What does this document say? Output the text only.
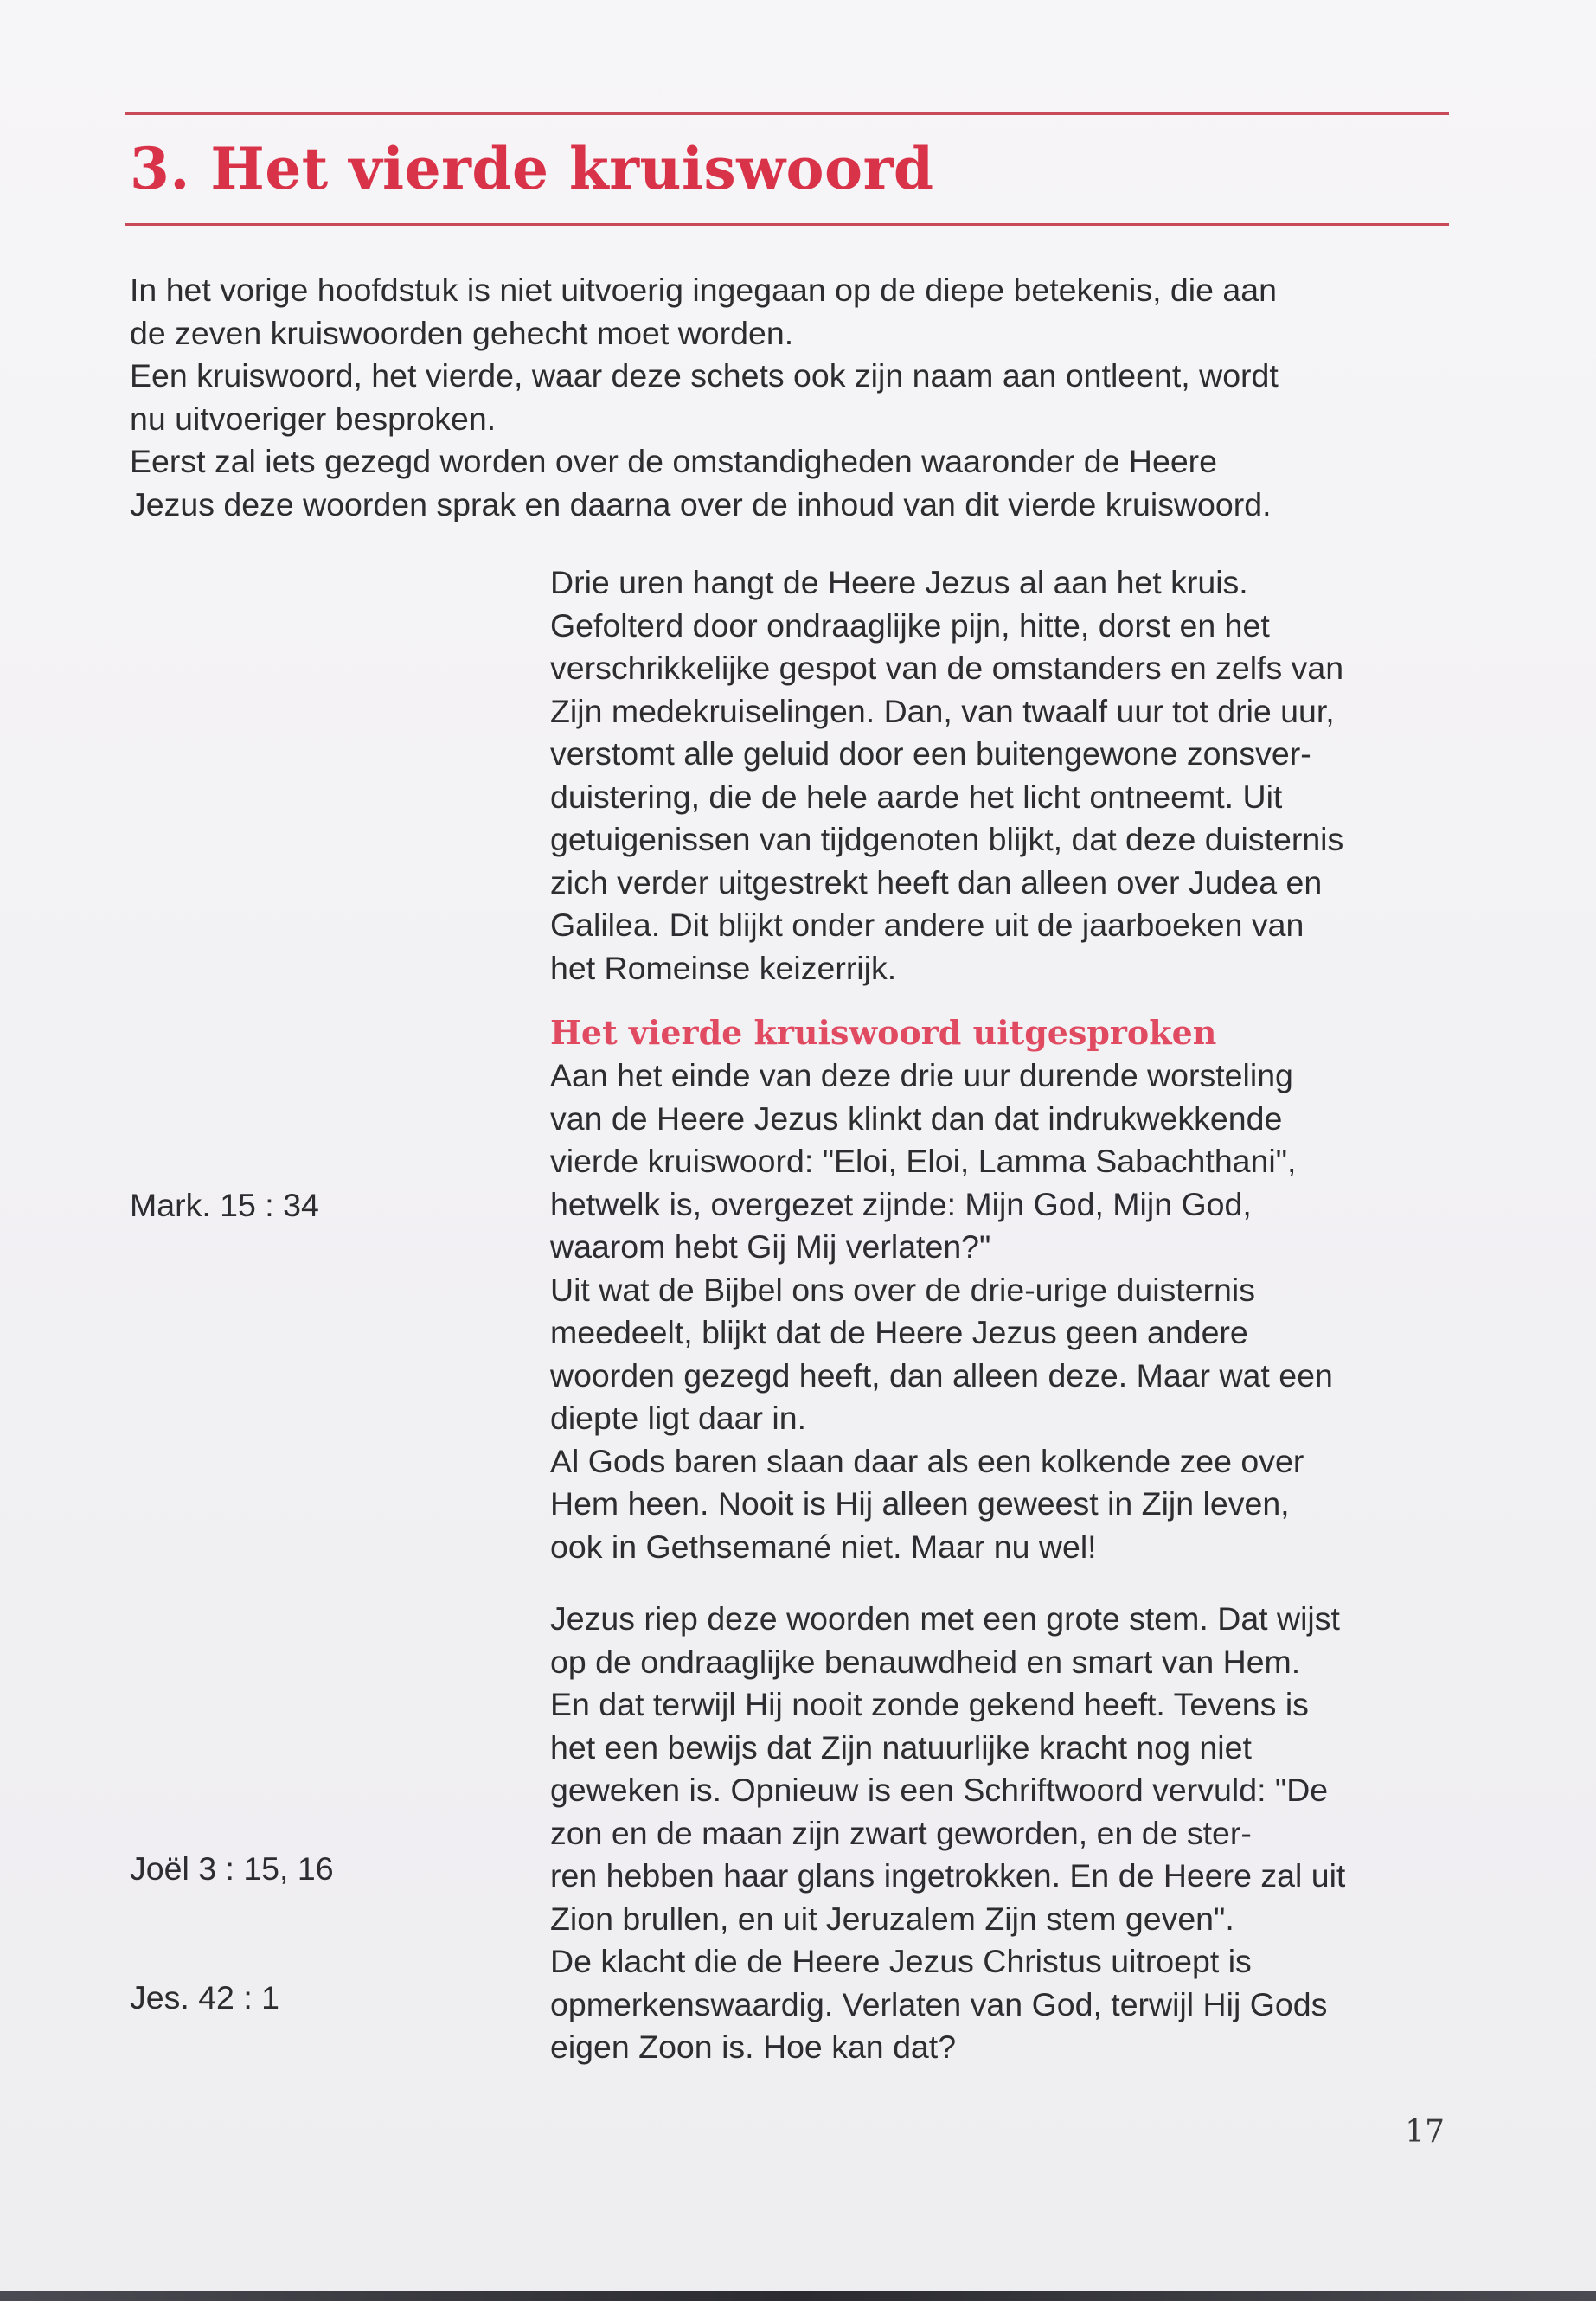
3. Het vierde kruiswoord

In het vorige hoofdstuk is niet uitvoerig ingegaan op de diepe betekenis, die aan

de zeven kruiswoorden gehecht moet worden.

Een kruiswoord, het vierde, waar deze schets ook zijn naam aan ontleent, wordt

nu uitvoeriger besproken.

Eerst zal iets gezegd worden over de omstandigheden waaronder de Heere

Jezus deze woorden sprak en daarna over de inhoud van dit vierde kruiswoord.

Drie uren hangt de Heere Jezus al aan het kruis.

Gefolterd door ondraaglijke pijn, hitte, dorst en het

verschrikkelijke gespot van de omstanders en zelfs van

Zijn medekruiselingen. Dan, van twaalf uur tot drie uur,

verstomt alle geluid door een buitengewone zonsver-

duistering, die de hele aarde het licht ontneemt. Uit

getuigenissen van tijdgenoten blijkt, dat deze duisternis

zich verder uitgestrekt heeft dan alleen over Judea en

Galilea. Dit blijkt onder andere uit de jaarboeken van

het Romeinse keizerrijk.

Het vierde kruiswoord uitgesproken

Aan het einde van deze drie uur durende worsteling

van de Heere Jezus klinkt dan dat indrukwekkende

vierde kruiswoord: "Eloi, Eloi, Lamma Sabachthani",

hetwelk is, overgezet zijnde: Mijn God, Mijn God,

waarom hebt Gij Mij verlaten?"

Uit wat de Bijbel ons over de drie-urige duisternis

meedeelt, blijkt dat de Heere Jezus geen andere

woorden gezegd heeft, dan alleen deze. Maar wat een

diepte ligt daar in.

Al Gods baren slaan daar als een kolkende zee over

Hem heen. Nooit is Hij alleen geweest in Zijn leven,

ook in Gethsemané niet. Maar nu wel!

Jezus riep deze woorden met een grote stem. Dat wijst

op de ondraaglijke benauwdheid en smart van Hem.

En dat terwijl Hij nooit zonde gekend heeft. Tevens is

het een bewijs dat Zijn natuurlijke kracht nog niet

geweken is. Opnieuw is een Schriftwoord vervuld: "De

zon en de maan zijn zwart geworden, en de ster-

ren hebben haar glans ingetrokken. En de Heere zal uit

Zion brullen, en uit Jeruzalem Zijn stem geven".

De klacht die de Heere Jezus Christus uitroept is

opmerkenswaardig. Verlaten van God, terwijl Hij Gods

eigen Zoon is. Hoe kan dat?

Mark. 15 : 34

Joël 3 : 15, 16

Jes. 42 : 1

17
